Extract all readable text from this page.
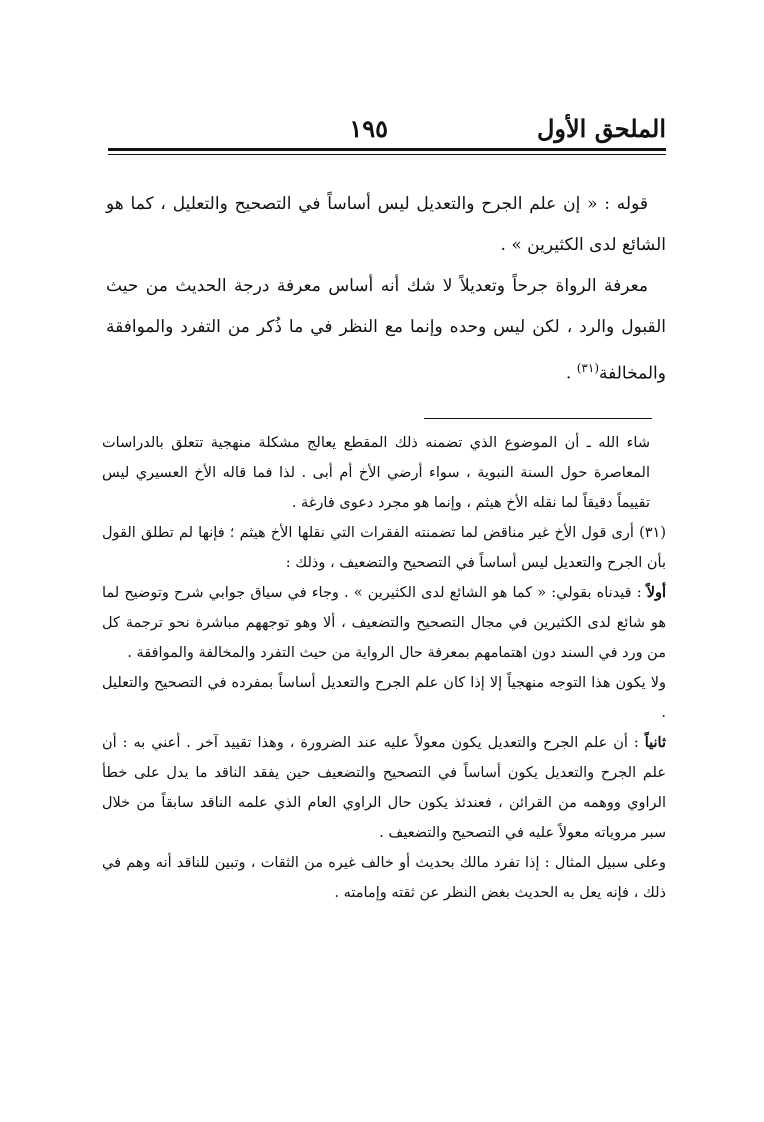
الملحق الأول
١٩٥

قوله : « إن علم الجرح والتعديل ليس أساساً في التصحيح والتعليل ، كما هو الشائع لدى الكثيرين » .

معرفة الرواة جرحاً وتعديلاً لا شك أنه أساس معرفة درجة الحديث من حيث القبول والرد ، لكن ليس وحده وإنما مع النظر في ما ذُكر من التفرد والموافقة والمخالفة$^{(٣١)}$ .

شاء الله ـ أن الموضوع الذي تضمنه ذلك المقطع يعالج مشكلة منهجية تتعلق بالدراسات المعاصرة حول السنة النبوية ، سواء أرضي الأخ أم أبى . لذا فما قاله الأخ العسيري ليس تقييماً دقيقاً لما نقله الأخ هيثم ، وإنما هو مجرد دعوى فارغة .

(٣١) أرى قول الأخ غير مناقض لما تضمنته الفقرات التي نقلها الأخ هيثم ؛ فإنها لم تطلق القول بأن الجرح والتعديل ليس أساساً في التصحيح والتضعيف ، وذلك :

أولاً : قيدناه بقولي: « كما هو الشائع لدى الكثيرين » . وجاء في سياق جوابي شرح وتوضيح لما هو شائع لدى الكثيرين في مجال التصحيح والتضعيف ، ألا وهو توجههم مباشرة نحو ترجمة كل من ورد في السند دون اهتمامهم بمعرفة حال الرواية من حيث التفرد والمخالفة والموافقة .

ولا يكون هذا التوجه منهجياً إلا إذا كان علم الجرح والتعديل أساساً بمفرده في التصحيح والتعليل .

ثانياً : أن علم الجرح والتعديل يكون معولاً عليه عند الضرورة ، وهذا تقييد آخر . أعني به : أن علم الجرح والتعديل يكون أساساً في التصحيح والتضعيف حين يفقد الناقد ما يدل على خطأ الراوي ووهمه من القرائن ، فعندئذ يكون حال الراوي العام الذي علمه الناقد سابقاً من خلال سبر مروياته معولاً عليه في التصحيح والتضعيف .

وعلى سبيل المثال : إذا تفرد مالك بحديث أو خالف غيره من الثقات ، وتبين للناقد أنه وهم في ذلك ، فإنه يعل به الحديث بغض النظر عن ثقته وإمامته .
